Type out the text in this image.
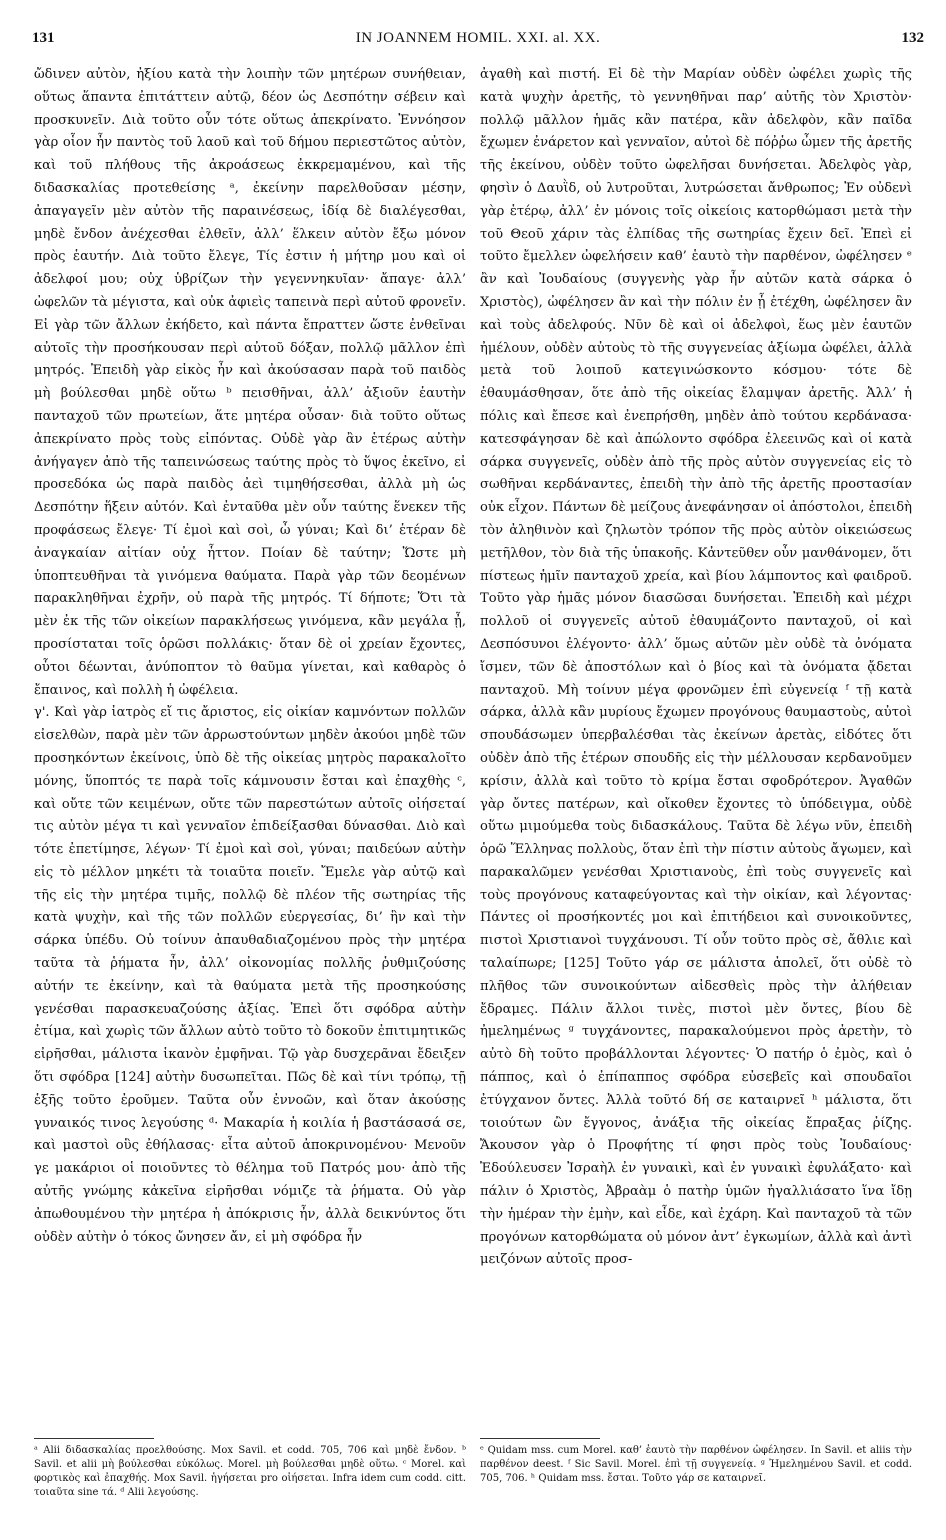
131	IN JOANNEM HOMIL. XXI. al. XX.	132

ὤδινεν αὐτὸν, ἠξίου κατὰ τὴν λοιπὴν τῶν μητέρων συνήθειαν, οὕτως ἅπαντα ἐπιτάττειν αὐτῷ, δέον ὡς Δεσπότην σέβειν καὶ προσκυνεῖν. Διὰ τοῦτο οὖν τότε οὕτως ἀπεκρίνατο. Ἐννόησον γὰρ οἷον ἦν παντὸς τοῦ λαοῦ καὶ τοῦ δήμου περιεστῶτος αὐτὸν, καὶ τοῦ πλήθους τῆς ἀκροάσεως ἐκκρεμαμένου, καὶ τῆς διδασκαλίας προτεθείσης ᵃ, ἐκείνην παρελθοῦσαν μέσην, ἀπαγαγεῖν μὲν αὐτὸν τῆς παραινέσεως, ἰδίᾳ δὲ διαλέγεσθαι, μηδὲ ἔνδον ἀνέχεσθαι ἐλθεῖν, ἀλλ’ ἕλκειν αὐτὸν ἔξω μόνον πρὸς ἑαυτήν. Διὰ τοῦτο ἔλεγε, Τίς ἐστιν ἡ μήτηρ μου καὶ οἱ ἀδελφοί μου; οὐχ ὑβρίζων τὴν γεγεννηκυῖαν· ἄπαγε· ἀλλ’ ὠφελῶν τὰ μέγιστα, καὶ οὐκ ἀφιεὶς ταπεινὰ περὶ αὐτοῦ φρονεῖν. Εἰ γὰρ τῶν ἄλλων ἐκήδετο, καὶ πάντα ἔπραττεν ὥστε ἐνθεῖναι αὐτοῖς τὴν προσήκουσαν περὶ αὐτοῦ δόξαν, πολλῷ μᾶλλον ἐπὶ μητρός. Ἐπειδὴ γὰρ εἰκὸς ἦν καὶ ἀκούσασαν παρὰ τοῦ παιδὸς μὴ βούλεσθαι μηδὲ οὕτω ᵇ πεισθῆναι, ἀλλ’ ἀξιοῦν ἑαυτὴν πανταχοῦ τῶν πρωτείων, ἅτε μητέρα οὖσαν· διὰ τοῦτο οὕτως ἀπεκρίνατο πρὸς τοὺς εἰπόντας. Οὐδὲ γὰρ ἂν ἑτέρως αὐτὴν ἀνήγαγεν ἀπὸ τῆς ταπεινώσεως ταύτης πρὸς τὸ ὕψος ἐκεῖνο, εἰ προσεδόκα ὡς παρὰ παιδὸς ἀεὶ τιμηθήσεσθαι, ἀλλὰ μὴ ὡς Δεσπότην ἥξειν αὐτόν. Καὶ ἐνταῦθα μὲν οὖν ταύτης ἕνεκεν τῆς προφάσεως ἔλεγε· Τί ἐμοὶ καὶ σοὶ, ὦ γύναι; Καὶ δι’ ἑτέραν δὲ ἀναγκαίαν αἰτίαν οὐχ ἧττον. Ποίαν δὲ ταύτην; Ὥστε μὴ ὑποπτευθῆναι τὰ γινόμενα θαύματα. Παρὰ γὰρ τῶν δεομένων παρακληθῆναι ἐχρῆν, οὐ παρὰ τῆς μητρός. Τί δήποτε; Ὅτι τὰ μὲν ἐκ τῆς τῶν οἰκείων παρακλήσεως γινόμενα, κἂν μεγάλα ᾖ, προσίσταται τοῖς ὁρῶσι πολλάκις· ὅταν δὲ οἱ χρείαν ἔχοντες, οὗτοι δέωνται, ἀνύποπτον τὸ θαῦμα γίνεται, καὶ καθαρὸς ὁ ἔπαινος, καὶ πολλὴ ἡ ὠφέλεια.

γ'. Καὶ γὰρ ἰατρὸς εἴ τις ἄριστος, εἰς οἰκίαν καμνόντων πολλῶν εἰσελθὼν, παρὰ μὲν τῶν ἀρρωστούντων μηδὲν ἀκούοι μηδὲ τῶν προσηκόντων ἐκείνοις, ὑπὸ δὲ τῆς οἰκείας μητρὸς παρακαλοῖτο μόνης, ὕποπτός τε παρὰ τοῖς κάμνουσιν ἔσται καὶ ἐπαχθὴς ᶜ, καὶ οὔτε τῶν κειμένων, οὔτε τῶν παρεστώτων αὐτοῖς οἰήσεταί τις αὐτὸν μέγα τι καὶ γενναῖον ἐπιδείξασθαι δύνασθαι. Διὸ καὶ τότε ἐπετίμησε, λέγων· Τί ἐμοὶ καὶ σοὶ, γύναι; παιδεύων αὐτὴν εἰς τὸ μέλλον μηκέτι τὰ τοιαῦτα ποιεῖν. Ἔμελε γὰρ αὐτῷ καὶ τῆς εἰς τὴν μητέρα τιμῆς, πολλῷ δὲ πλέον τῆς σωτηρίας τῆς κατὰ ψυχὴν, καὶ τῆς τῶν πολλῶν εὐεργεσίας, δι’ ἣν καὶ τὴν σάρκα ὑπέδυ. Οὐ τοίνυν ἀπαυθαδιαζομένου πρὸς τὴν μητέρα ταῦτα τὰ ῥήματα ἦν, ἀλλ’ οἰκονομίας πολλῆς ῥυθμιζούσης αὐτήν τε ἐκείνην, καὶ τὰ θαύματα μετὰ τῆς προσηκούσης γενέσθαι παρασκευαζούσης ἀξίας. Ἐπεὶ ὅτι σφόδρα αὐτὴν ἐτίμα, καὶ χωρὶς τῶν ἄλλων αὐτὸ τοῦτο τὸ δοκοῦν ἐπιτιμητικῶς εἰρῆσθαι, μάλιστα ἱκανὸν ἐμφῆναι. Τῷ γὰρ δυσχερᾶναι ἔδειξεν ὅτι σφόδρα [124] αὐτὴν δυσωπεῖται. Πῶς δὲ καὶ τίνι τρόπῳ, τῇ ἑξῆς τοῦτο ἐροῦμεν. Ταῦτα οὖν ἐννοῶν, καὶ ὅταν ἀκούσῃς γυναικός τινος λεγούσης ᵈ· Μακαρία ἡ κοιλία ἡ βαστάσασά σε, καὶ μαστοὶ οὓς ἐθήλασας· εἶτα αὐτοῦ ἀποκρινομένου· Μενοῦν γε μακάριοι οἱ ποιοῦντες τὸ θέλημα τοῦ Πατρός μου· ἀπὸ τῆς αὐτῆς γνώμης κἀκεῖνα εἰρῆσθαι νόμιζε τὰ ῥήματα. Οὐ γὰρ ἀπωθουμένου τὴν μητέρα ἡ ἀπόκρισις ἦν, ἀλλὰ δεικνύντος ὅτι οὐδὲν αὐτὴν ὁ τόκος ὤνησεν ἄν, εἰ μὴ σφόδρα ἦν

ἀγαθὴ καὶ πιστή. Εἰ δὲ τὴν Μαρίαν οὐδὲν ὠφέλει χωρὶς τῆς κατὰ ψυχὴν ἀρετῆς, τὸ γεννηθῆναι παρ’ αὐτῆς τὸν Χριστὸν· πολλῷ μᾶλλον ἡμᾶς κἂν πατέρα, κἂν ἀδελφὸν, κἂν παῖδα ἔχωμεν ἐνάρετον καὶ γενναῖον, αὐτοὶ δὲ πόῤῥω ὦμεν τῆς ἀρετῆς τῆς ἐκείνου, οὐδὲν τοῦτο ὠφελῆσαι δυνήσεται. Ἀδελφὸς γὰρ, φησὶν ὁ Δαυῒδ, οὐ λυτροῦται, λυτρώσεται ἄνθρωπος; Ἐν οὐδενὶ γὰρ ἑτέρῳ, ἀλλ’ ἐν μόνοις τοῖς οἰκείοις κατορθώμασι μετὰ τὴν τοῦ Θεοῦ χάριν τὰς ἐλπίδας τῆς σωτηρίας ἔχειν δεῖ. Ἐπεὶ εἰ τοῦτο ἔμελλεν ὠφελήσειν καθ’ ἑαυτὸ τὴν παρθένον, ὠφέλησεν ᵉ ἂν καὶ Ἰουδαίους (συγγενὴς γὰρ ἦν αὐτῶν κατὰ σάρκα ὁ Χριστὸς), ὠφέλησεν ἂν καὶ τὴν πόλιν ἐν ᾗ ἐτέχθη, ὠφέλησεν ἂν καὶ τοὺς ἀδελφούς. Νῦν δὲ καὶ οἱ ἀδελφοὶ, ἕως μὲν ἑαυτῶν ἠμέλουν, οὐδὲν αὐτοὺς τὸ τῆς συγγενείας ἀξίωμα ὠφέλει, ἀλλὰ μετὰ τοῦ λοιποῦ κατεγινώσκοντο κόσμου· τότε δὲ ἐθαυμάσθησαν, ὅτε ἀπὸ τῆς οἰκείας ἔλαμψαν ἀρετῆς. Ἀλλ’ ἡ πόλις καὶ ἔπεσε καὶ ἐνεπρήσθη, μηδὲν ἀπὸ τούτου κερδάνασα· κατεσφάγησαν δὲ καὶ ἀπώλοντο σφόδρα ἐλεεινῶς καὶ οἱ κατὰ σάρκα συγγενεῖς, οὐδὲν ἀπὸ τῆς πρὸς αὐτὸν συγγενείας εἰς τὸ σωθῆναι κερδάναντες, ἐπειδὴ τὴν ἀπὸ τῆς ἀρετῆς προστασίαν οὐκ εἶχον. Πάντων δὲ μείζους ἀνεφάνησαν οἱ ἀπόστολοι, ἐπειδὴ τὸν ἀληθινὸν καὶ ζηλωτὸν τρόπον τῆς πρὸς αὐτὸν οἰκειώσεως μετῆλθον, τὸν διὰ τῆς ὑπακοῆς. Κἀντεῦθεν οὖν μανθάνομεν, ὅτι πίστεως ἡμῖν πανταχοῦ χρεία, καὶ βίου λάμποντος καὶ φαιδροῦ. Τοῦτο γὰρ ἡμᾶς μόνον διασῶσαι δυνήσεται. Ἐπειδὴ καὶ μέχρι πολλοῦ οἱ συγγενεῖς αὐτοῦ ἐθαυμάζοντο πανταχοῦ, οἱ καὶ Δεσπόσυνοι ἐλέγοντο· ἀλλ’ ὅμως αὐτῶν μὲν οὐδὲ τὰ ὀνόματα ἴσμεν, τῶν δὲ ἀποστόλων καὶ ὁ βίος καὶ τὰ ὀνόματα ᾄδεται πανταχοῦ. Μὴ τοίνυν μέγα φρονῶμεν ἐπὶ εὐγενείᾳ ᶠ τῇ κατὰ σάρκα, ἀλλὰ κἂν μυρίους ἔχωμεν προγόνους θαυμαστοὺς, αὐτοὶ σπουδάσωμεν ὑπερβαλέσθαι τὰς ἐκείνων ἀρετὰς, εἰδότες ὅτι οὐδὲν ἀπὸ τῆς ἑτέρων σπουδῆς εἰς τὴν μέλλουσαν κερδανοῦμεν κρίσιν, ἀλλὰ καὶ τοῦτο τὸ κρίμα ἔσται σφοδρότερον. Ἀγαθῶν γὰρ ὄντες πατέρων, καὶ οἴκοθεν ἔχοντες τὸ ὑπόδειγμα, οὐδὲ οὕτω μιμούμεθα τοὺς διδασκάλους. Ταῦτα δὲ λέγω νῦν, ἐπειδὴ ὁρῶ Ἕλληνας πολλοὺς, ὅταν ἐπὶ τὴν πίστιν αὐτοὺς ἄγωμεν, καὶ παρακαλῶμεν γενέσθαι Χριστιανοὺς, ἐπὶ τοὺς συγγενεῖς καὶ τοὺς προγόνους καταφεύγοντας καὶ τὴν οἰκίαν, καὶ λέγοντας· Πάντες οἱ προσήκοντές μοι καὶ ἐπιτήδειοι καὶ συνοικοῦντες, πιστοὶ Χριστιανοὶ τυγχάνουσι. Τί οὖν τοῦτο πρὸς σὲ, ἄθλιε καὶ ταλαίπωρε; [125] Τοῦτο γάρ σε μάλιστα ἀπολεῖ, ὅτι οὐδὲ τὸ πλῆθος τῶν συνοικούντων αἰδεσθεὶς πρὸς τὴν ἀλήθειαν ἔδραμες. Πάλιν ἄλλοι τινὲς, πιστοὶ μὲν ὄντες, βίου δὲ ἠμελημένως ᵍ τυγχάνοντες, παρακαλούμενοι πρὸς ἀρετὴν, τὸ αὐτὸ δὴ τοῦτο προβάλλονται λέγοντες· Ὁ πατήρ ὁ ἐμὸς, καὶ ὁ πάππος, καὶ ὁ ἐπίπαππος σφόδρα εὐσεβεῖς καὶ σπουδαῖοι ἐτύγχανον ὄντες. Ἀλλὰ τοῦτό δή σε καταιρνεῖ ʰ μάλιστα, ὅτι τοιούτων ὢν ἔγγονος, ἀνάξια τῆς οἰκείας ἔπραξας ῥίζης. Ἄκουσον γὰρ ὁ Προφήτης τί φησι πρὸς τοὺς Ἰουδαίους· Ἐδούλευσεν Ἰσραὴλ ἐν γυναικὶ, καὶ ἐν γυναικὶ ἐφυλάξατο· καὶ πάλιν ὁ Χριστὸς, Ἀβραὰμ ὁ πατὴρ ὑμῶν ἠγαλλιάσατο ἵνα ἴδῃ τὴν ἡμέραν τὴν ἐμὴν, καὶ εἶδε, καὶ ἐχάρη. Καὶ πανταχοῦ τὰ τῶν προγόνων κατορθώματα οὐ μόνον ἀντ’ ἐγκωμίων, ἀλλὰ καὶ ἀντὶ μειζόνων αὐτοῖς προσ-

ᵃ Alii διδασκαλίας προελθούσης. Mox Savil. et codd. 705, 706 καὶ μηδὲ ἔνδον. ᵇ Savil. et alii μὴ βούλεσθαι εὐκόλως. Morel. μὴ βούλεσθαι μηδὲ οὕτω. ᶜ Morel. καὶ φορτικὸς καὶ ἐπαχθής. Mox Savil. ἡγήσεται pro οἰήσεται. Infra idem cum codd. citt. τοιαῦτα sine τά. ᵈ Alii λεγούσης.

ᵉ Quidam mss. cum Morel. καθ’ ἑαυτὸ τὴν παρθένον ὠφέλησεν. In Savil. et aliis τὴν παρθένον deest. ᶠ Sic Savil. Morel. ἐπὶ τῇ συγγενείᾳ. ᵍ Ἠμελημένου Savil. et codd. 705, 706. ʰ Quidam mss. ἔσται. Τοῦτο γάρ σε καταιρνεῖ.
